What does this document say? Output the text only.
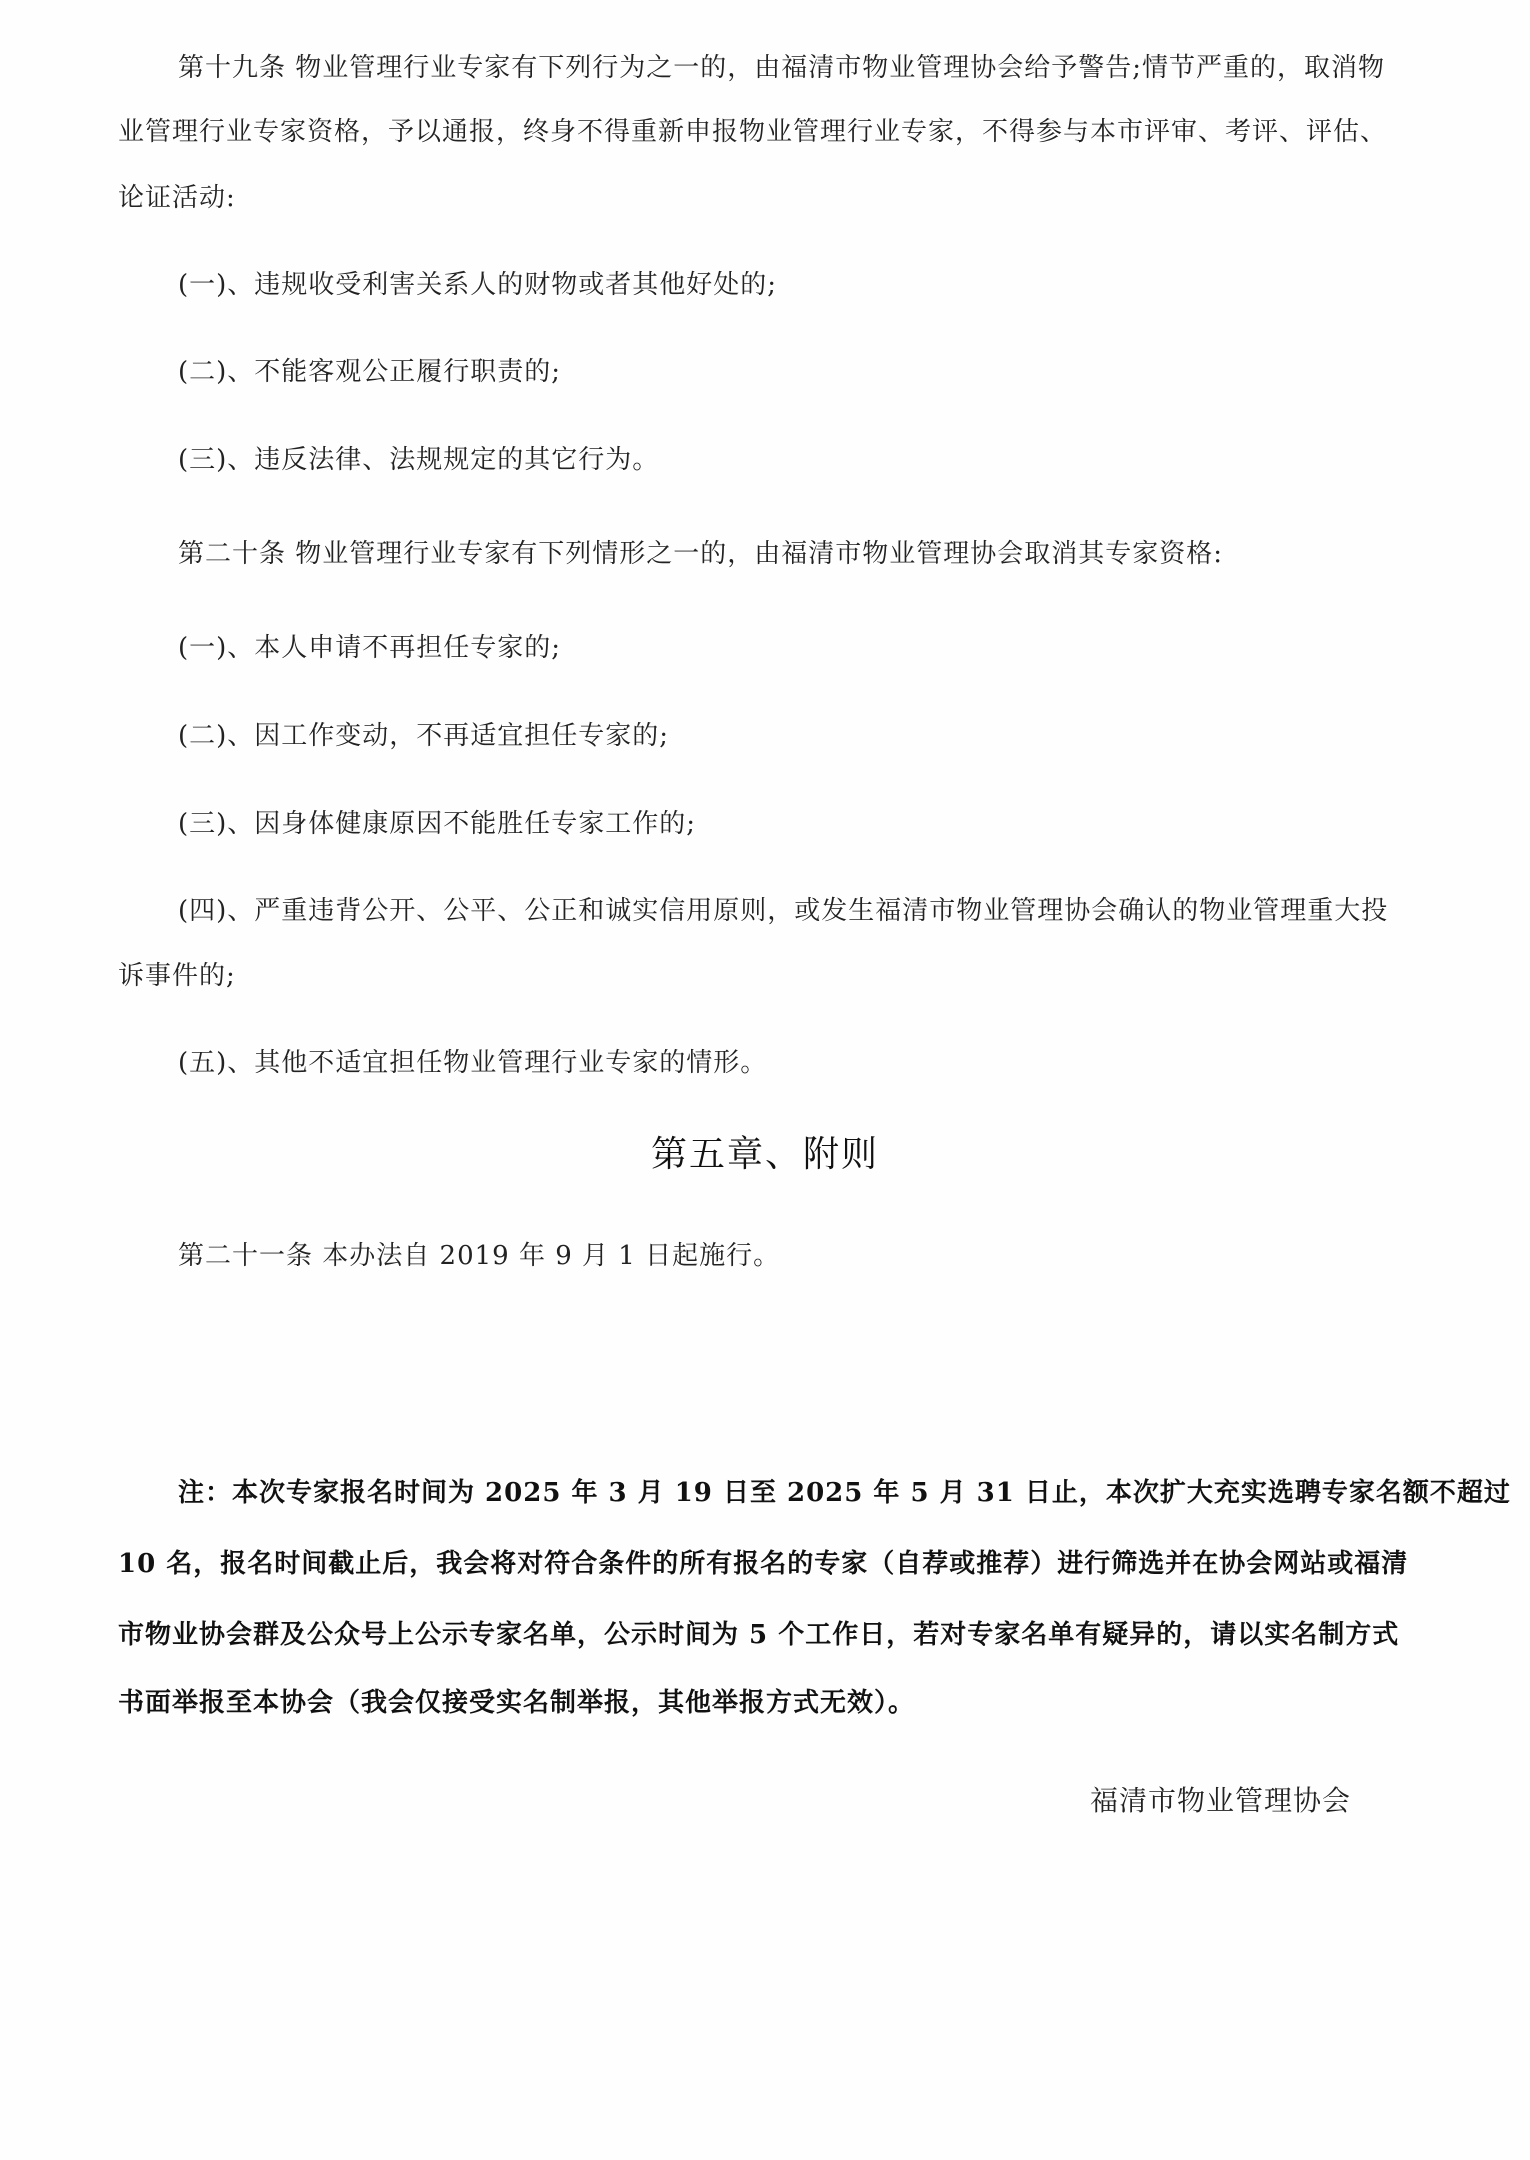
第十九条 物业管理行业专家有下列行为之一的，由福清市物业管理协会给予警告;情节严重的，取消物
业管理行业专家资格，予以通报，终身不得重新申报物业管理行业专家，不得参与本市评审、考评、评估、
论证活动:
(一)、违规收受利害关系人的财物或者其他好处的;
(二)、不能客观公正履行职责的;
(三)、违反法律、法规规定的其它行为。
第二十条 物业管理行业专家有下列情形之一的，由福清市物业管理协会取消其专家资格:
(一)、本人申请不再担任专家的;
(二)、因工作变动，不再适宜担任专家的;
(三)、因身体健康原因不能胜任专家工作的;
(四)、严重违背公开、公平、公正和诚实信用原则，或发生福清市物业管理协会确认的物业管理重大投
诉事件的;
(五)、其他不适宜担任物业管理行业专家的情形。
第五章、附则
第二十一条 本办法自 2019 年 9 月 1 日起施行。
注：本次专家报名时间为 2025 年 3 月 19 日至 2025 年 5 月 31 日止，本次扩大充实选聘专家名额不超过
10 名，报名时间截止后，我会将对符合条件的所有报名的专家（自荐或推荐）进行筛选并在协会网站或福清
市物业协会群及公众号上公示专家名单，公示时间为 5 个工作日，若对专家名单有疑异的，请以实名制方式
书面举报至本协会（我会仅接受实名制举报，其他举报方式无效）。
福清市物业管理协会
